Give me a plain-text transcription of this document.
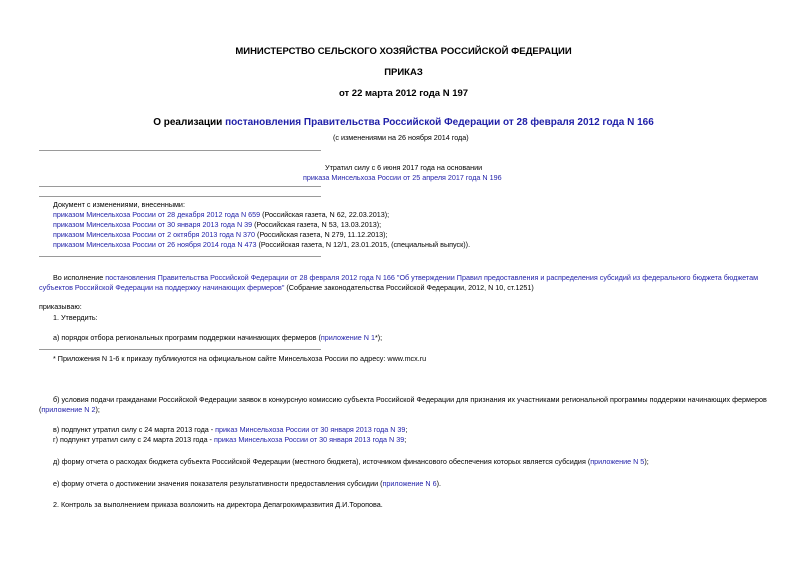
МИНИСТЕРСТВО СЕЛЬСКОГО ХОЗЯЙСТВА РОССИЙСКОЙ ФЕДЕРАЦИИ
ПРИКАЗ
от 22 марта 2012 года N 197
О реализации постановления Правительства Российской Федерации от 28 февраля 2012 года N 166
(с изменениями на 26 ноября 2014 года)
Утратил силу с 6 июня 2017 года на основании
приказа Минсельхоза России от 25 апреля 2017 года N 196
Документ с изменениями, внесенными:
приказом Минсельхоза России от 28 декабря 2012 года N 659 (Российская газета, N 62, 22.03.2013);
приказом Минсельхоза России от 30 января 2013 года N 39 (Российская газета, N 53, 13.03.2013);
приказом Минсельхоза России от 2 октября 2013 года N 370 (Российская газета, N 279, 11.12.2013);
приказом Минсельхоза России от 26 ноября 2014 года N 473 (Российская газета, N 12/1, 23.01.2015, (специальный выпуск)).
Во исполнение постановления Правительства Российской Федерации от 28 февраля 2012 года N 166 "Об утверждении Правил предоставления и распределения субсидий из федерального бюджета бюджетам субъектов Российской Федерации на поддержку начинающих фермеров" (Собрание законодательства Российской Федерации, 2012, N 10, ст.1251)
приказываю:
1. Утвердить:
а) порядок отбора региональных программ поддержки начинающих фермеров (приложение N 1*);
* Приложения N 1-6 к приказу публикуются на официальном сайте Минсельхоза России по адресу: www.mcx.ru
б) условия подачи гражданами Российской Федерации заявок в конкурсную комиссию субъекта Российской Федерации для признания их участниками региональной программы поддержки начинающих фермеров (приложение N 2);
в) подпункт утратил силу с 24 марта 2013 года - приказ Минсельхоза России от 30 января 2013 года N 39;
г) подпункт утратил силу с 24 марта 2013 года - приказ Минсельхоза России от 30 января 2013 года N 39;
д) форму отчета о расходах бюджета субъекта Российской Федерации (местного бюджета), источником финансового обеспечения которых является субсидия (приложение N 5);
е) форму отчета о достижении значения показателя результативности предоставления субсидии (приложение N 6).
2. Контроль за выполнением приказа возложить на директора Депагрохимразвития Д.И.Торопова.
